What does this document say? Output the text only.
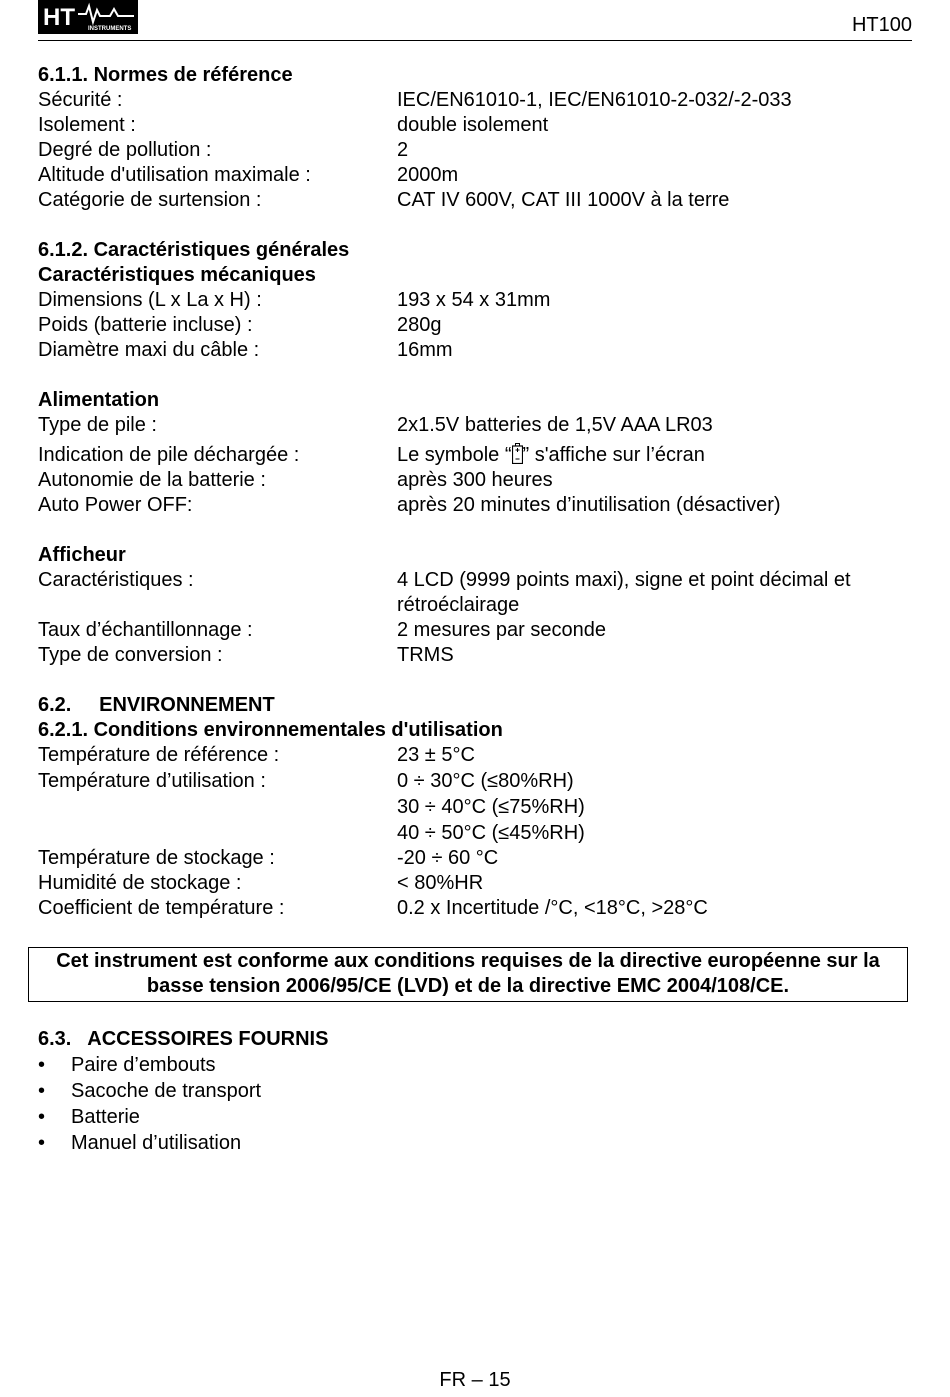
HT INSTRUMENTS	HT100
6.1.1. Normes de référence
Sécurité :	IEC/EN61010-1, IEC/EN61010-2-032/-2-033
Isolement :	double isolement
Degré de pollution :	2
Altitude d'utilisation maximale :	2000m
Catégorie de surtension :	CAT IV 600V, CAT III 1000V à la terre
6.1.2. Caractéristiques générales
Caractéristiques mécaniques
Dimensions (L x La x H) :	193 x 54 x 31mm
Poids (batterie incluse) :	280g
Diamètre maxi du câble :	16mm
Alimentation
Type de pile :	2x1.5V batteries de 1,5V AAA LR03
Indication de pile déchargée :	Le symbole “ ” s'affiche sur l’écran
Autonomie de la batterie :	après 300 heures
Auto Power OFF:	après 20 minutes d’inutilisation (désactiver)
Afficheur
Caractéristiques :	4 LCD (9999 points maxi), signe et point décimal et rétroéclairage
Taux d’échantillonnage :	2 mesures par seconde
Type de conversion :	TRMS
6.2.     ENVIRONNEMENT
6.2.1. Conditions environnementales d'utilisation
Température de référence :	23 ± 5°C
Température d’utilisation :	0 ÷ 30°C (≤80%RH)
30 ÷ 40°C (≤75%RH)
40 ÷ 50°C (≤45%RH)
Température de stockage :	-20 ÷ 60 °C
Humidité de stockage :	< 80%HR
Coefficient de température :	0.2 x Incertitude /°C, <18°C, >28°C
Cet instrument est conforme aux conditions requises de la directive européenne sur la basse tension 2006/95/CE (LVD) et de la directive EMC 2004/108/CE.
6.3.   ACCESSOIRES FOURNIS
• Paire d’embouts
• Sacoche de transport
• Batterie
• Manuel d’utilisation
FR – 15
